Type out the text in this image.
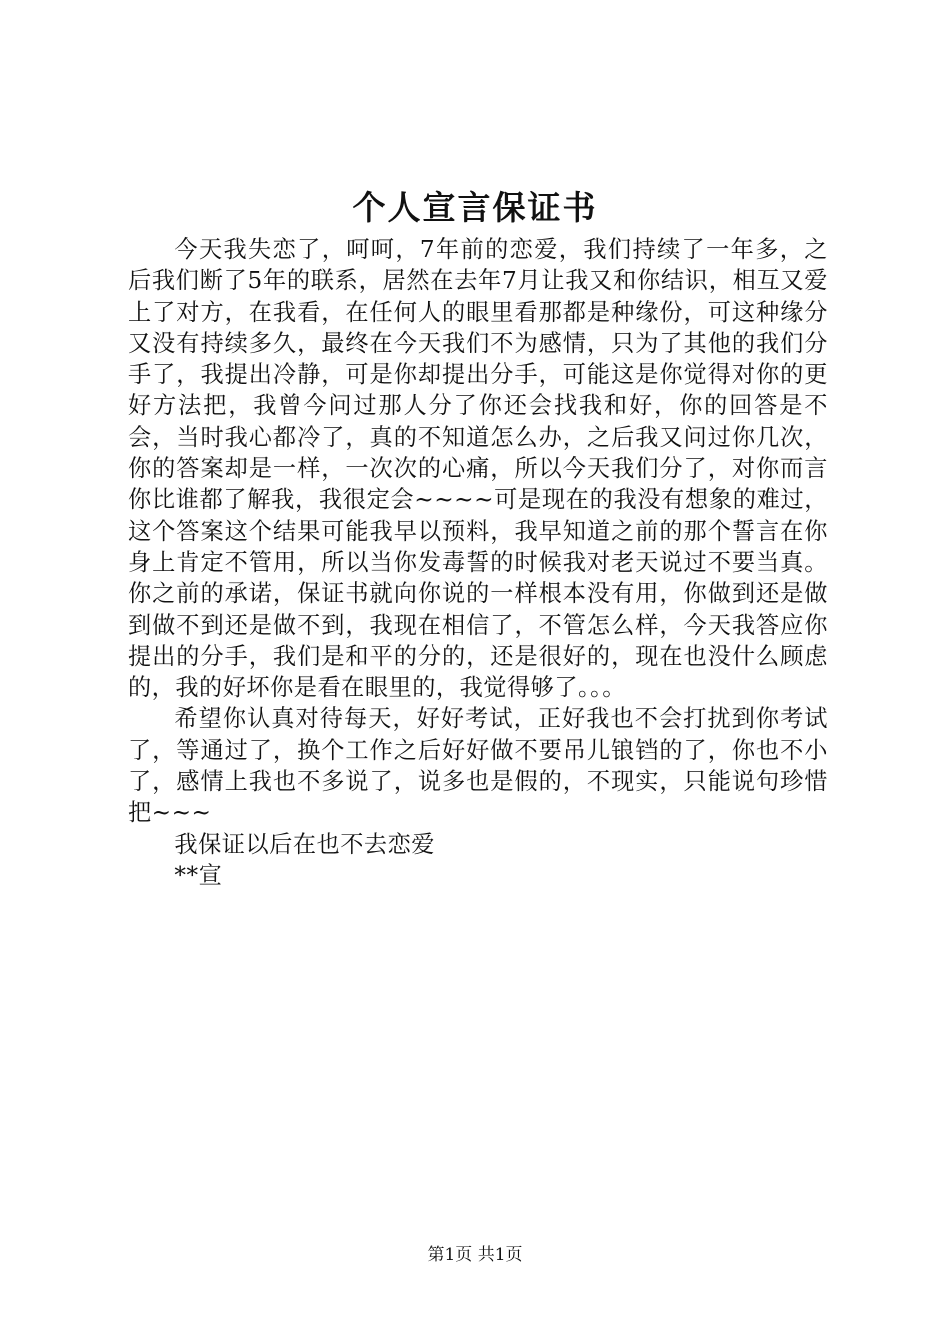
个人宣言保证书

今天我失恋了，呵呵，7年前的恋爱，我们持续了一年多，之后我们断了5年的联系，居然在去年7月让我又和你结识，相互又爱上了对方，在我看，在任何人的眼里看那都是种缘份，可这种缘分又没有持续多久，最终在今天我们不为感情，只为了其他的我们分手了，我提出冷静，可是你却提出分手，可能这是你觉得对你的更好方法把，我曾今问过那人分了你还会找我和好，你的回答是不会，当时我心都冷了，真的不知道怎么办，之后我又问过你几次，你的答案却是一样，一次次的心痛，所以今天我们分了，对你而言你比谁都了解我，我很定会~~~~可是现在的我没有想象的难过，这个答案这个结果可能我早以预料，我早知道之前的那个誓言在你身上肯定不管用，所以当你发毒誓的时候我对老天说过不要当真。你之前的承诺，保证书就向你说的一样根本没有用，你做到还是做到做不到还是做不到，我现在相信了，不管怎么样，今天我答应你提出的分手，我们是和平的分的，还是很好的，现在也没什么顾虑的，我的好坏你是看在眼里的，我觉得够了。。。

希望你认真对待每天，好好考试，正好我也不会打扰到你考试了，等通过了，换个工作之后好好做不要吊儿锒铛的了，你也不小了，感情上我也不多说了，说多也是假的，不现实，只能说句珍惜把~~~

我保证以后在也不去恋爱

**宣

第1页 共1页
